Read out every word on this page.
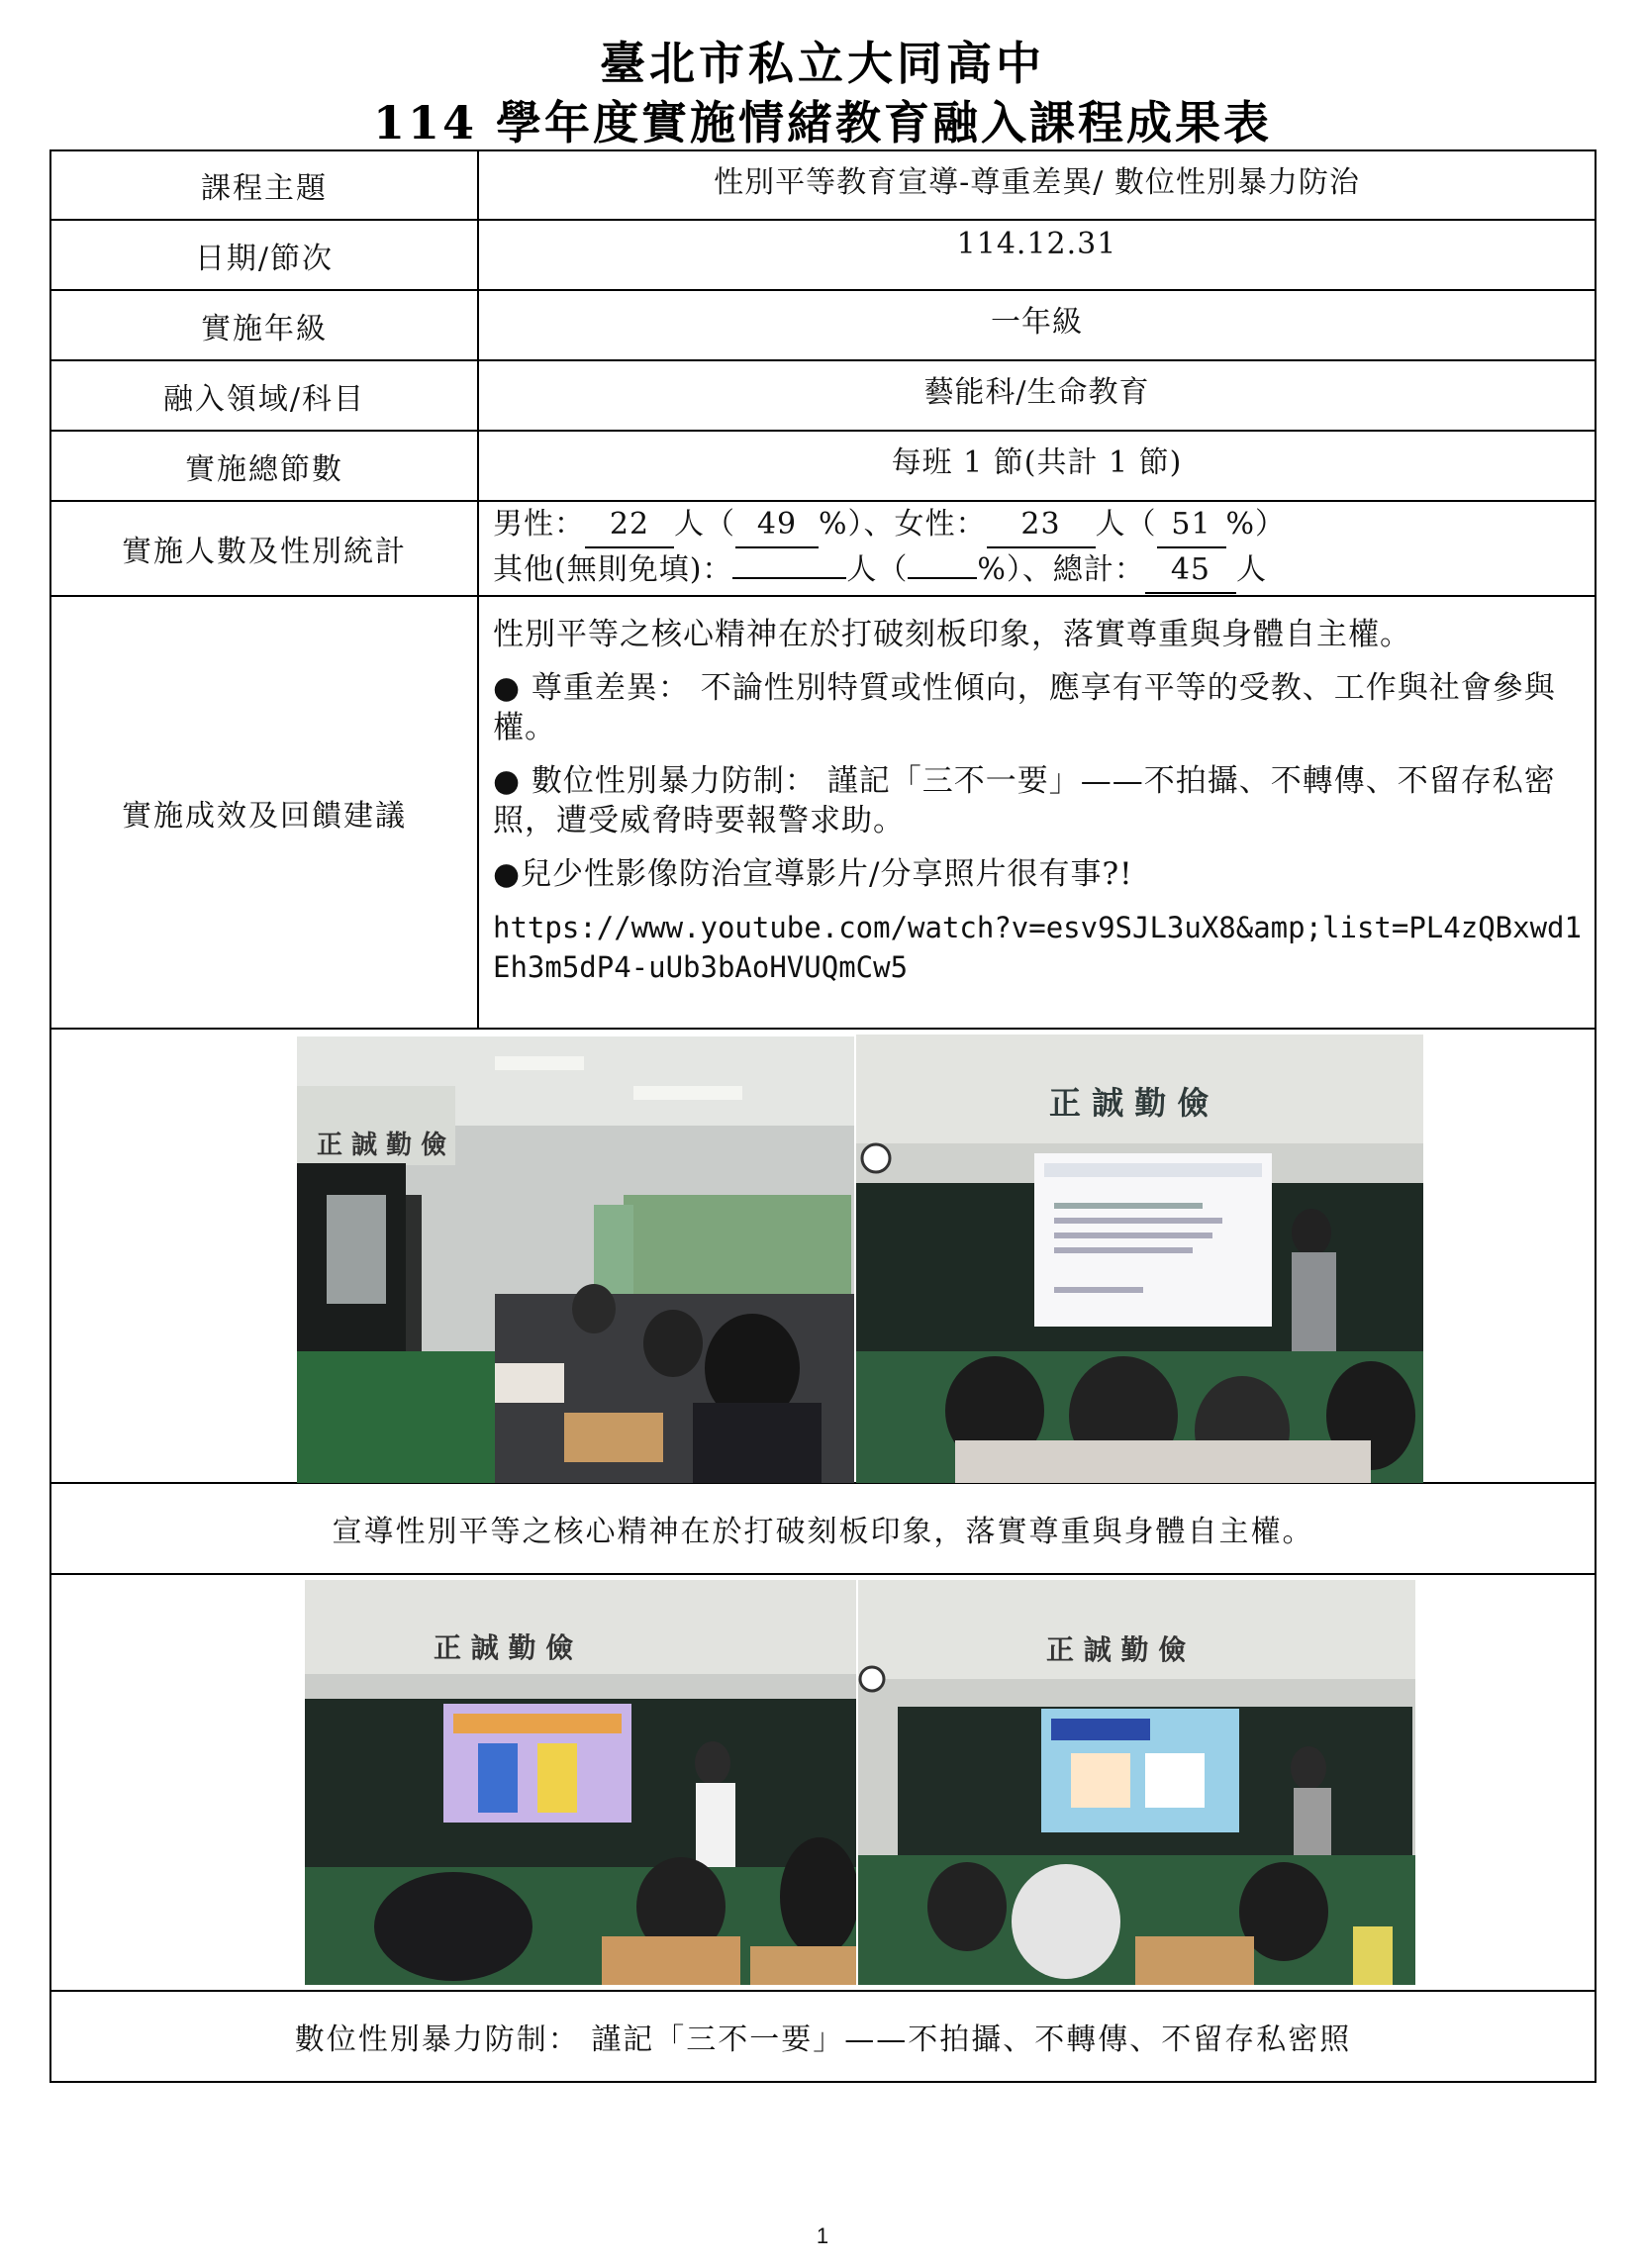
臺北市私立大同高中
114 學年度實施情緒教育融入課程成果表
課程主題	性別平等教育宣導-尊重差異/ 數位性別暴力防治
日期/節次	114.12.31
實施年級	一年級
融入領域/科目	藝能科/生命教育
實施總節數	每班 1 節(共計 1 節)
實施人數及性別統計	男性： 22 人（ 49 %）、女性： 23 人（ 51 %）
其他(無則免填)： 人（ %）、總計： 45 人

實施成效及回饋建議	性別平等之核心精神在於打破刻板印象，落實尊重與身體自主權。
● 尊重差異： 不論性別特質或性傾向，應享有平等的受教、工作與社會參與權。
● 數位性別暴力防制： 謹記「三不一要」——不拍攝、不轉傳、不留存私密照，遭受威脅時要報警求助。
●兒少性影像防治宣導影片/分享照片很有事?!
https://www.youtube.com/watch?v=esv9SJL3uX8&amp;list=PL4zQBxwd1Eh3m5dP4-uUb3bAoHVUQmCw5

正 誠 勤 儉
正 誠 勤 儉	

宣導性別平等之核心精神在於打破刻板印象，落實尊重與身體自主權。	

正 誠 勤 儉 正 誠 勤 儉	

數位性別暴力防制： 謹記「三不一要」——不拍攝、不轉傳、不留存私密照	
1
